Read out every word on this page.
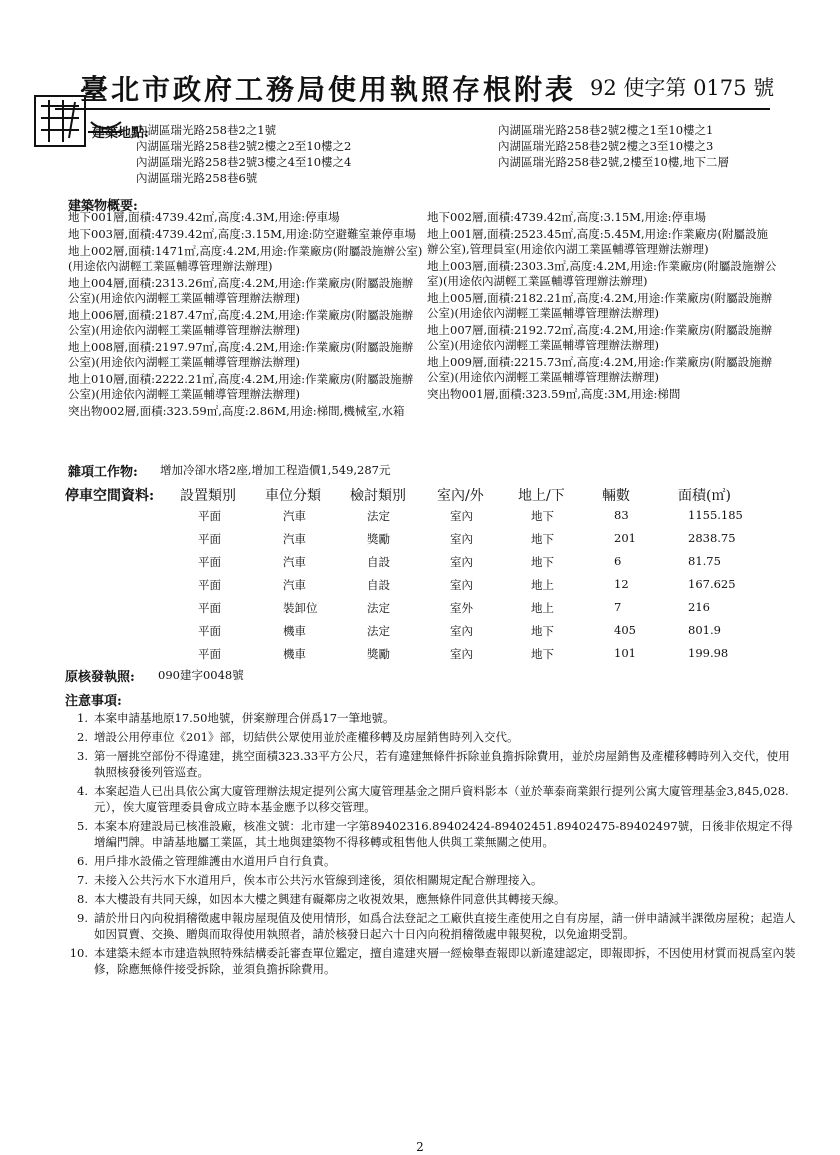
臺北市政府工務局使用執照存根附表 92 使字第 0175 號
建築地點:
內湖區瑞光路258巷2之1號
內湖區瑞光路258巷2號2樓之2至10樓之2
內湖區瑞光路258巷2號3樓之4至10樓之4
內湖區瑞光路258巷6號
內湖區瑞光路258巷2號2樓之1至10樓之1
內湖區瑞光路258巷2號2樓之3至10樓之3
內湖區瑞光路258巷2號,2樓至10樓,地下二層
建築物概要:
地下001層,面積:4739.42㎡,高度:4.3M,用途:停車場
地下003層,面積:4739.42㎡,高度:3.15M,用途:防空避難室兼停車場
地上002層,面積:1471㎡,高度:4.2M,用途:作業廠房(附屬設施辦公室)(用途依內湖輕工業區輔導管理辦法辦理)
地上004層,面積:2313.26㎡,高度:4.2M,用途:作業廠房(附屬設施辦公室)(用途依內湖輕工業區輔導管理辦法辦理)
地上006層,面積:2187.47㎡,高度:4.2M,用途:作業廠房(附屬設施辦公室)(用途依內湖輕工業區輔導管理辦法辦理)
地上008層,面積:2197.97㎡,高度:4.2M,用途:作業廠房(附屬設施辦公室)(用途依內湖輕工業區輔導管理辦法辦理)
地上010層,面積:2222.21㎡,高度:4.2M,用途:作業廠房(附屬設施辦公室)(用途依內湖輕工業區輔導管理辦法辦理)
突出物002層,面積:323.59㎡,高度:2.86M,用途:梯間,機械室,水箱
地下002層,面積:4739.42㎡,高度:3.15M,用途:停車場
地上001層,面積:2523.45㎡,高度:5.45M,用途:作業廠房(附屬設施辦公室),管理員室(用途依內湖工業區輔導管理辦法辦理)
地上003層,面積:2303.3㎡,高度:4.2M,用途:作業廠房(附屬設施辦公室)(用途依內湖輕工業區輔導管理辦法辦理)
地上005層,面積:2182.21㎡,高度:4.2M,用途:作業廠房(附屬設施辦公室)(用途依內湖輕工業區輔導管理辦法辦理)
地上007層,面積:2192.72㎡,高度:4.2M,用途:作業廠房(附屬設施辦公室)(用途依內湖輕工業區輔導管理辦法辦理)
地上009層,面積:2215.73㎡,高度:4.2M,用途:作業廠房(附屬設施辦公室)(用途依內湖輕工業區輔導管理辦法辦理)
突出物001層,面積:323.59㎡,高度:3M,用途:梯間
雜項工作物: 增加冷卻水塔2座,增加工程造價1,549,287元
停車空間資料: 設置類別 車位分類 檢討類別 室內/外 地上/下	輛數	面積(㎡)
平面	汽車	法定	室內	地下	83	1155.185
平面	汽車	獎勵	室內	地下	201	2838.75
平面	汽車	自設	室內	地下	6	81.75
平面	汽車	自設	室內	地上	12	167.625
平面	裝卸位	法定	室外	地上	7	216
平面	機車	法定	室內	地下	405	801.9
平面	機車	獎勵	室內	地下	101	199.98
原核發執照: 090建字0048號
注意事項:
1. 本案申請基地原17.50地號，併案辦理合併爲17一筆地號。
2. 增設公用停車位《201》部，切結供公眾使用並於產權移轉及房屋銷售時列入交代。
3. 第一層挑空部份不得違建，挑空面積323.33平方公尺，若有違建無條件拆除並負擔拆除費用，並於房屋銷售及產權移轉時列入交代，使用執照核發後列管巡查。
4. 本案起造人已出具依公寓大廈管理辦法規定提列公寓大廈管理基金之開戶資料影本（並於華泰商業銀行提列公寓大廈管理基金3,845,028.元），俟大廈管理委員會成立時本基金應予以移交管理。
5. 本案本府建設局已核准設廠，核准文號：北市建一字第89402316.89402424-89402451.89402475-89402497號，日後非依規定不得增編門牌。申請基地屬工業區，其土地與建築物不得移轉或租售他人供與工業無關之使用。
6. 用戶排水設備之管理維護由水道用戶自行負責。
7. 未接入公共污水下水道用戶，俟本市公共污水管線到達後，須依相關規定配合辦理接入。
8. 本大樓設有共同天線，如因本大樓之興建有礙鄰房之收視效果，應無條件同意供其轉接天線。
9. 請於卅日內向稅捐稽徵處申報房屋現值及使用情形，如爲合法登記之工廠供直接生產使用之自有房屋，請一併申請減半課徵房屋稅；起造人如因買賣、交換、贈與而取得使用執照者，請於核發日起六十日內向稅捐稽徵處申報契稅，以免逾期受罰。
10. 本建築未經本市建造執照特殊結構委託審查單位鑑定，擅自違建夾層一經檢舉查報即以新違建認定，即報即拆，不因使用材質而視爲室內裝修，除應無條件接受拆除，並須負擔拆除費用。
2
